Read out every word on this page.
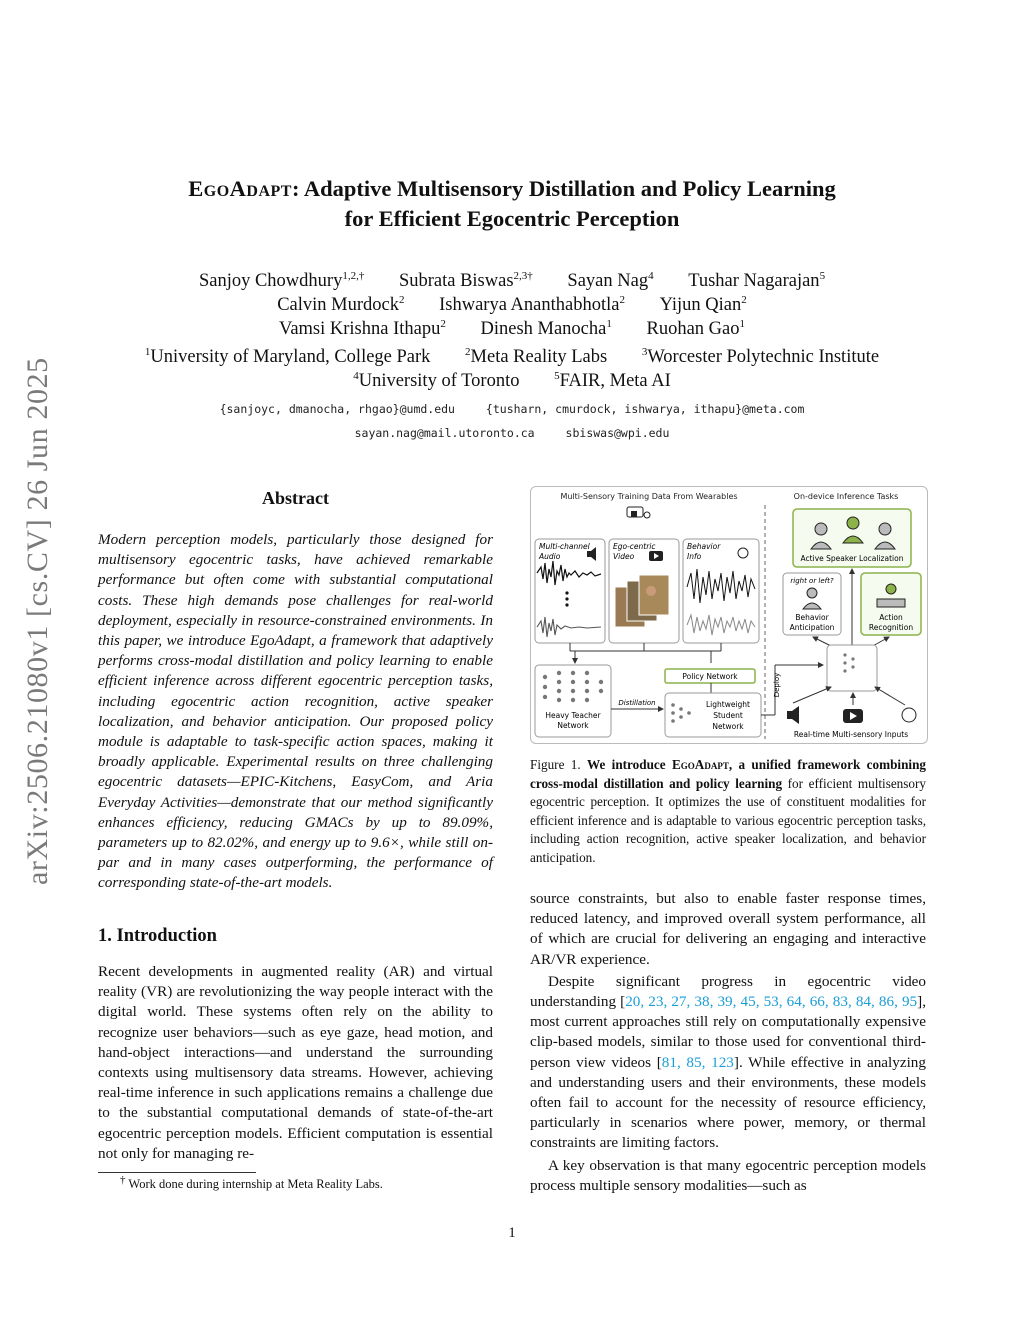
arXiv:2506.21080v1 [cs.CV] 26 Jun 2025
EgoAdapt: Adaptive Multisensory Distillation and Policy Learning
for Efficient Egocentric Perception
Sanjoy Chowdhury$^{1,2,\dagger}$ Subrata Biswas$^{2,3\dagger}$ Sayan Nag$^4$ Tushar Nagarajan$^5$
Calvin Murdock$^2$ Ishwarya Ananthabhotla$^2$ Yijun Qian$^2$
Vamsi Krishna Ithapu$^2$ Dinesh Manocha$^1$ Ruohan Gao$^1$
$^1$University of Maryland, College Park	$^2$Meta Reality Labs	$^3$Worcester Polytechnic Institute
$^4$University of Toronto	$^5$FAIR, Meta AI
{sanjoyc, dmanocha, rhgao}@umd.edu	{tusharn, cmurdock, ishwarya, ithapu}@meta.com
sayan.nag@mail.utoronto.ca	sbiswas@wpi.edu
Abstract
Modern perception models, particularly those designed for multisensory egocentric tasks, have achieved remarkable performance but often come with substantial computational costs. These high demands pose challenges for real-world deployment, especially in resource-constrained environments. In this paper, we introduce EgoAdapt, a framework that adaptively performs cross-modal distillation and policy learning to enable efficient inference across different egocentric perception tasks, including egocentric action recognition, active speaker localization, and behavior anticipation. Our proposed policy module is adaptable to task-specific action spaces, making it broadly applicable. Experimental results on three challenging egocentric datasets—EPIC-Kitchens, EasyCom, and Aria Everyday Activities—demonstrate that our method significantly enhances efficiency, reducing GMACs by up to 89.09%, parameters up to 82.02%, and energy up to 9.6×, while still on-par and in many cases outperforming, the performance of corresponding state-of-the-art models.
1. Introduction
Recent developments in augmented reality (AR) and virtual reality (VR) are revolutionizing the way people interact with the digital world. These systems often rely on the ability to recognize user behaviors—such as eye gaze, head motion, and hand-object interactions—and understand the surrounding contexts using multisensory data streams. However, achieving real-time inference in such applications remains a challenge due to the substantial computational demands of state-of-the-art egocentric perception models. Efficient computation is essential not only for managing re-
† Work done during internship at Meta Reality Labs.
Multi-Sensory Training Data From Wearables	On-device Inference Tasks
Multi-channel
Audio
Ego-centric
Video
Behavior
Info
Heavy Teacher
Network
Policy Network
Distillation	Lightweight
Student
Network
Deploy
Active Speaker Localization
right or left?
Behavior
Anticipation
Action
Recognition
Real-time Multi-sensory Inputs
Figure 1. We introduce EgoAdapt, a unified framework combining cross-modal distillation and policy learning for efficient multisensory egocentric perception. It optimizes the use of constituent modalities for efficient inference and is adaptable to various egocentric perception tasks, including action recognition, active speaker localization, and behavior anticipation.

source constraints, but also to enable faster response times, reduced latency, and improved overall system performance, all of which are crucial for delivering an engaging and interactive AR/VR experience.

Despite significant progress in egocentric video understanding [20, 23, 27, 38, 39, 45, 53, 64, 66, 83, 84, 86, 95], most current approaches still rely on computationally expensive clip-based models, similar to those used for conventional third-person view videos [81, 85, 123]. While effective in analyzing and understanding users and their environments, these models often fail to account for the necessity of resource efficiency, particularly in scenarios where power, memory, or thermal constraints are limiting factors.

A key observation is that many egocentric perception models process multiple sensory modalities—such as

1
